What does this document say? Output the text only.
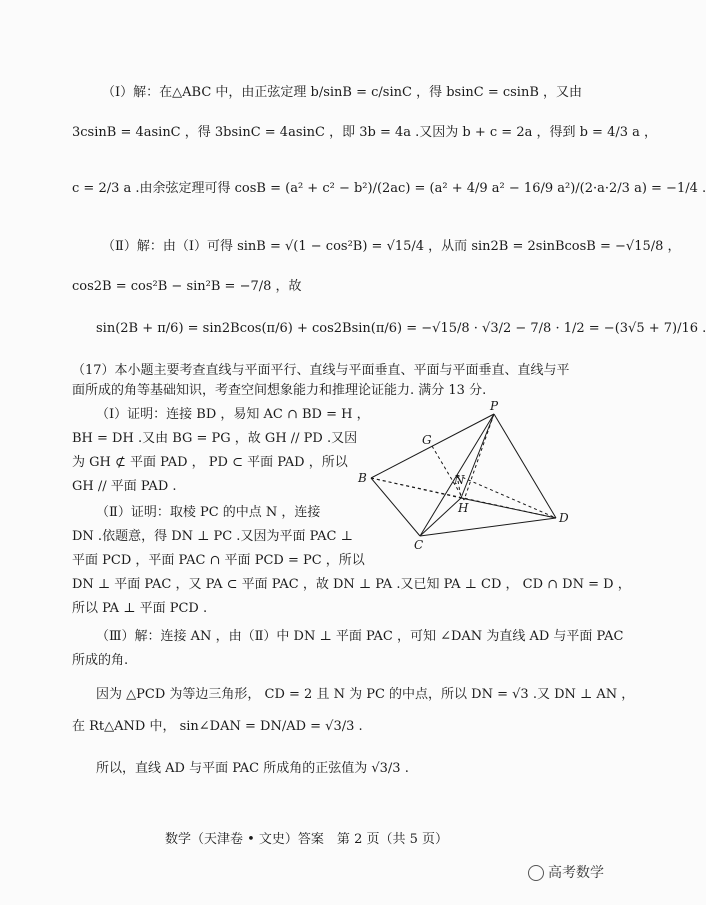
（Ⅰ）解：在△ABC 中，由正弦定理 b/sinB = c/sinC ，得 bsinC = csinB ，又由
3csinB = 4asinC ，得 3bsinC = 4asinC ，即 3b = 4a .又因为 b + c = 2a ，得到 b = 4/3 a ，
c = 2/3 a .由余弦定理可得 cosB = (a² + c² − b²)/(2ac) = (a² + 4/9 a² − 16/9 a²)/(2·a·2/3 a) = −1/4 .
（Ⅱ）解：由（Ⅰ）可得 sinB = √(1 − cos²B) = √15/4 ，从而 sin2B = 2sinBcosB = −√15/8 ，
cos2B = cos²B − sin²B = −7/8 ，故
sin(2B + π/6) = sin2Bcos(π/6) + cos2Bsin(π/6) = −√15/8 · √3/2 − 7/8 · 1/2 = −(3√5 + 7)/16 .
（17）本小题主要考查直线与平面平行、直线与平面垂直、平面与平面垂直、直线与平
面所成的角等基础知识，考查空间想象能力和推理论证能力. 满分 13 分.
（Ⅰ）证明：连接 BD ，易知 AC ∩ BD = H ，
BH = DH .又由 BG = PG ，故 GH // PD .又因
为 GH ⊄ 平面 PAD ， PD ⊂ 平面 PAD ，所以
GH // 平面 PAD .
（Ⅱ）证明：取棱 PC 的中点 N ，连接
DN .依题意，得 DN ⊥ PC .又因为平面 PAC ⊥
平面 PCD ，平面 PAC ∩ 平面 PCD = PC ，所以
DN ⊥ 平面 PAC ，又 PA ⊂ 平面 PAC ，故 DN ⊥ PA .又已知 PA ⊥ CD ， CD ∩ DN = D ，
所以 PA ⊥ 平面 PCD .
（Ⅲ）解：连接 AN ，由（Ⅱ）中 DN ⊥ 平面 PAC ，可知 ∠DAN 为直线 AD 与平面 PAC
所成的角.
因为 △PCD 为等边三角形， CD = 2 且 N 为 PC 的中点，所以 DN = √3 .又 DN ⊥ AN ，
在 Rt△AND 中， sin∠DAN = DN/AD = √3/3 .
所以，直线 AD 与平面 PAC 所成角的正弦值为 √3/3 .
P
G
B	N
H
D
C
数学（天津卷 • 文史）答案　第 2 页（共 5 页）
高考数学
